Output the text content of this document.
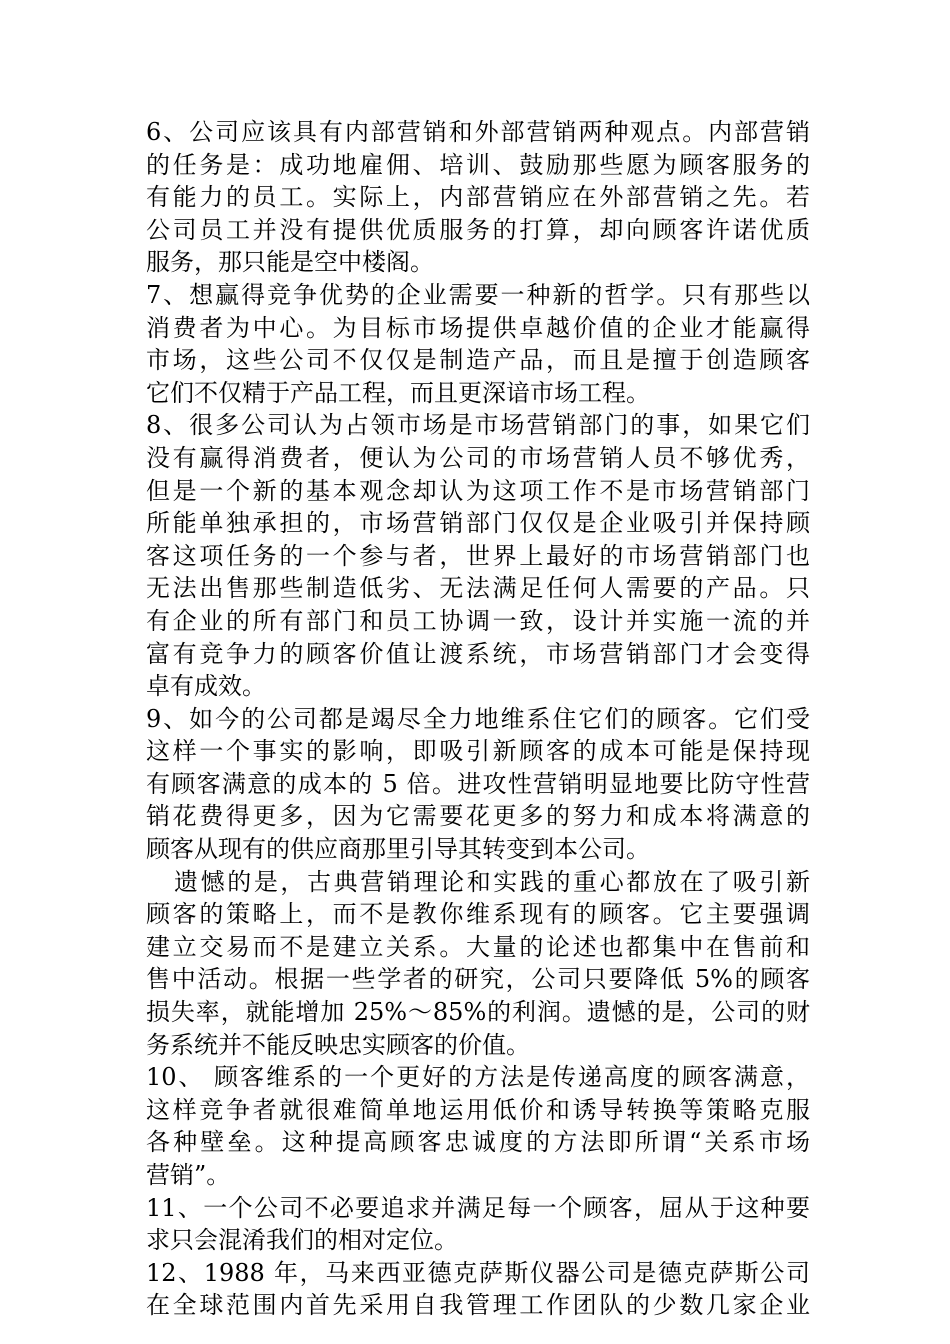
6、公司应该具有内部营销和外部营销两种观点。内部营销
的任务是：成功地雇佣、培训、鼓励那些愿为顾客服务的
有能力的员工。实际上，内部营销应在外部营销之先。若
公司员工并没有提供优质服务的打算，却向顾客许诺优质
服务，那只能是空中楼阁。
7、想赢得竞争优势的企业需要一种新的哲学。只有那些以
消费者为中心。为目标市场提供卓越价值的企业才能赢得
市场，这些公司不仅仅是制造产品，而且是擅于创造顾客
它们不仅精于产品工程，而且更深谙市场工程。
8、很多公司认为占领市场是市场营销部门的事，如果它们
没有赢得消费者，便认为公司的市场营销人员不够优秀，
但是一个新的基本观念却认为这项工作不是市场营销部门
所能单独承担的，市场营销部门仅仅是企业吸引并保持顾
客这项任务的一个参与者，世界上最好的市场营销部门也
无法出售那些制造低劣、无法满足任何人需要的产品。只
有企业的所有部门和员工协调一致，设计并实施一流的并
富有竞争力的顾客价值让渡系统，市场营销部门才会变得
卓有成效。
9、如今的公司都是竭尽全力地维系住它们的顾客。它们受
这样一个事实的影响，即吸引新顾客的成本可能是保持现
有顾客满意的成本的 5 倍。进攻性营销明显地要比防守性营
销花费得更多，因为它需要花更多的努力和成本将满意的
顾客从现有的供应商那里引导其转变到本公司。
遗憾的是，古典营销理论和实践的重心都放在了吸引新
顾客的策略上，而不是教你维系现有的顾客。它主要强调
建立交易而不是建立关系。大量的论述也都集中在售前和
售中活动。根据一些学者的研究，公司只要降低 5%的顾客
损失率，就能增加 25%～85%的利润。遗憾的是，公司的财
务系统并不能反映忠实顾客的价值。
10、 顾客维系的一个更好的方法是传递高度的顾客满意，
这样竞争者就很难简单地运用低价和诱导转换等策略克服
各种壁垒。这种提高顾客忠诚度的方法即所谓“关系市场
营销”。
11、一个公司不必要追求并满足每一个顾客，屈从于这种要
求只会混淆我们的相对定位。
12、1988 年，马来西亚德克萨斯仪器公司是德克萨斯公司
在全球范围内首先采用自我管理工作团队的少数几家企业
